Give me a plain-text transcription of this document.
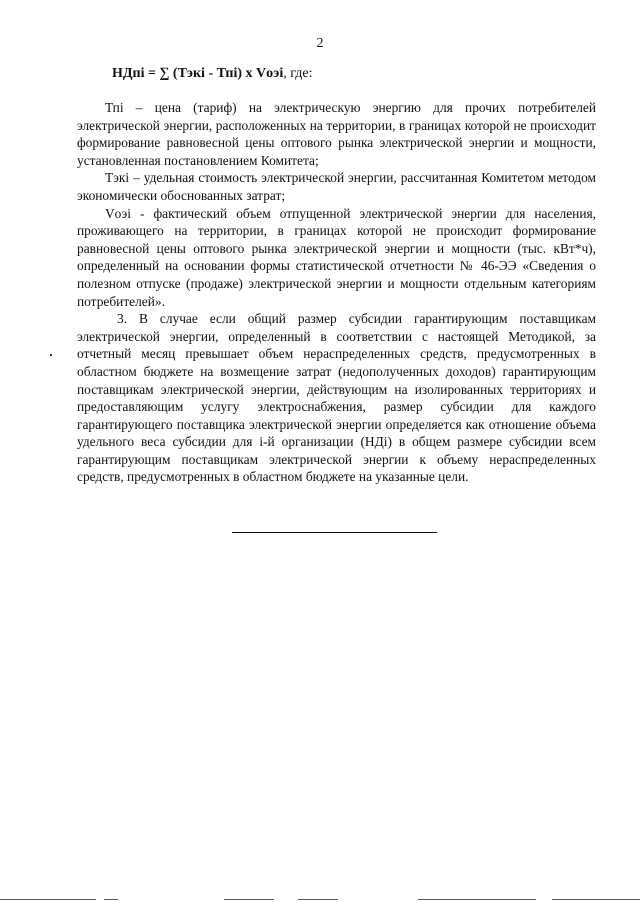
2
НДпі = ∑ (Тэкі - Тпі) х Vоэі, где:

Тпі – цена (тариф) на электрическую энергию для прочих потребителей электрической энергии, расположенных на территории, в границах которой не происходит формирование равновесной цены оптового рынка электрической энергии и мощности, установленная постановлением Комитета;

Тэкі – удельная стоимость электрической энергии, рассчитанная Комитетом методом экономически обоснованных затрат;

Vоэі - фактический объем отпущенной электрической энергии для населения, проживающего на территории, в границах которой не происходит формирование равновесной цены оптового рынка электрической энергии и мощности (тыс. кВт*ч), определенный на основании формы статистической отчетности № 46-ЭЭ «Сведения о полезном отпуске (продаже) электрической энергии и мощности отдельным категориям потребителей».

3. В случае если общий размер субсидии гарантирующим поставщикам электрической энергии, определенный в соответствии с настоящей Методикой, за отчетный месяц превышает объем нераспределенных средств, предусмотренных в областном бюджете на возмещение затрат (недополученных доходов) гарантирующим поставщикам электрической энергии, действующим на изолированных территориях и предоставляющим услугу электроснабжения, размер субсидии для каждого гарантирующего поставщика электрической энергии определяется как отношение объема удельного веса субсидии для і-й организации (НДі) в общем размере субсидии всем гарантирующим поставщикам электрической энергии к объему нераспределенных средств, предусмотренных в областном бюджете на указанные цели.
